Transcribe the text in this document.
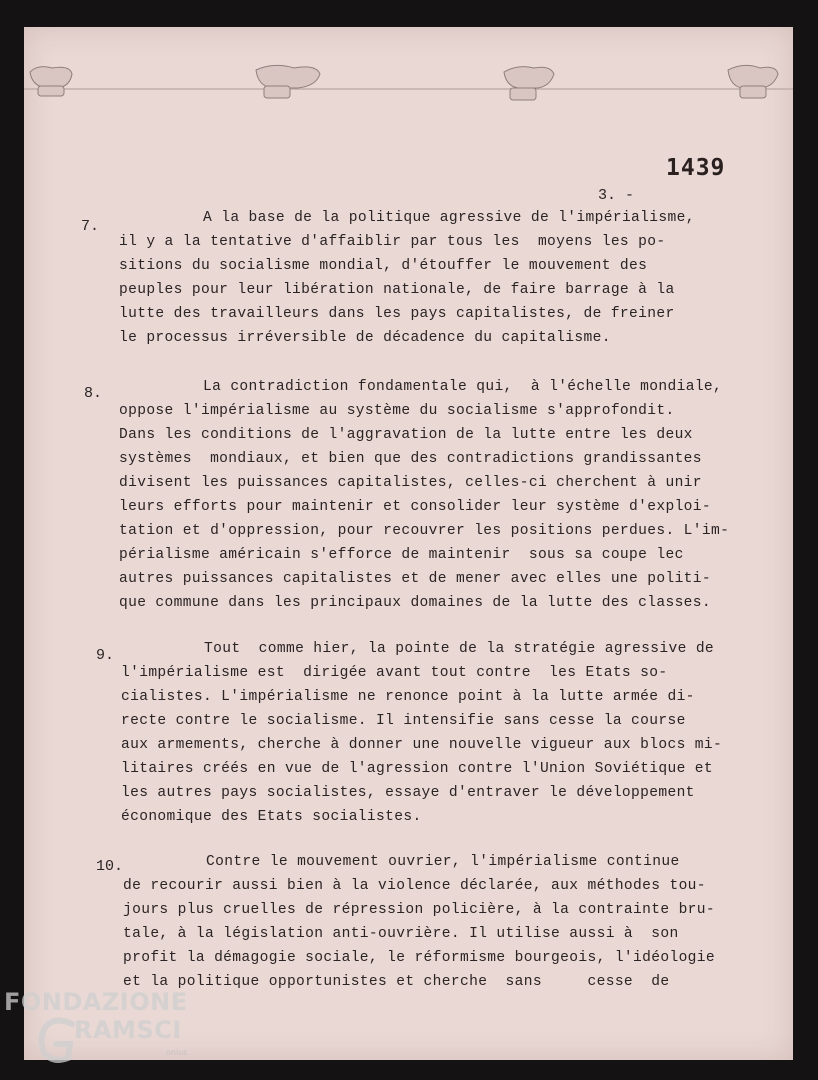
1439
3. -
7.	A la base de la politique agressive de l'impérialisme,
il y a la tentative d'affaiblir par tous les  moyens les po-
sitions du socialisme mondial, d'étouffer le mouvement des
peuples pour leur libération nationale, de faire barrage à la
lutte des travailleurs dans les pays capitalistes, de freiner
le processus irréversible de décadence du capitalisme.
8.	La contradiction fondamentale qui,  à l'échelle mondiale,
oppose l'impérialisme au système du socialisme s'approfondit.
Dans les conditions de l'aggravation de la lutte entre les deux
systèmes  mondiaux, et bien que des contradictions grandissantes
divisent les puissances capitalistes, celles-ci cherchent à unir
leurs efforts pour maintenir et consolider leur système d'exploi-
tation et d'oppression, pour recouvrer les positions perdues. L'im-
périalisme américain s'efforce de maintenir  sous sa coupe lec
autres puissances capitalistes et de mener avec elles une politi-
que commune dans les principaux domaines de la lutte des classes.
9.	Tout  comme hier, la pointe de la stratégie agressive de
l'impérialisme est  dirigée avant tout contre  les Etats so-
cialistes. L'impérialisme ne renonce point à la lutte armée di-
recte contre le socialisme. Il intensifie sans cesse la course
aux armements, cherche à donner une nouvelle vigueur aux blocs mi-
litaires créés en vue de l'agression contre l'Union Soviétique et
les autres pays socialistes, essaye d'entraver le développement
économique des Etats socialistes.
10.	Contre le mouvement ouvrier, l'impérialisme continue
de recourir aussi bien à la violence déclarée, aux méthodes tou-
jours plus cruelles de répression policière, à la contrainte bru-
tale, à la législation anti-ouvrière. Il utilise aussi à  son
profit la démagogie sociale, le réformisme bourgeois, l'idéologie
et la politique opportunistes et cherche  sans     cesse  de
FONDAZIONE
RAMSCI
onlus
